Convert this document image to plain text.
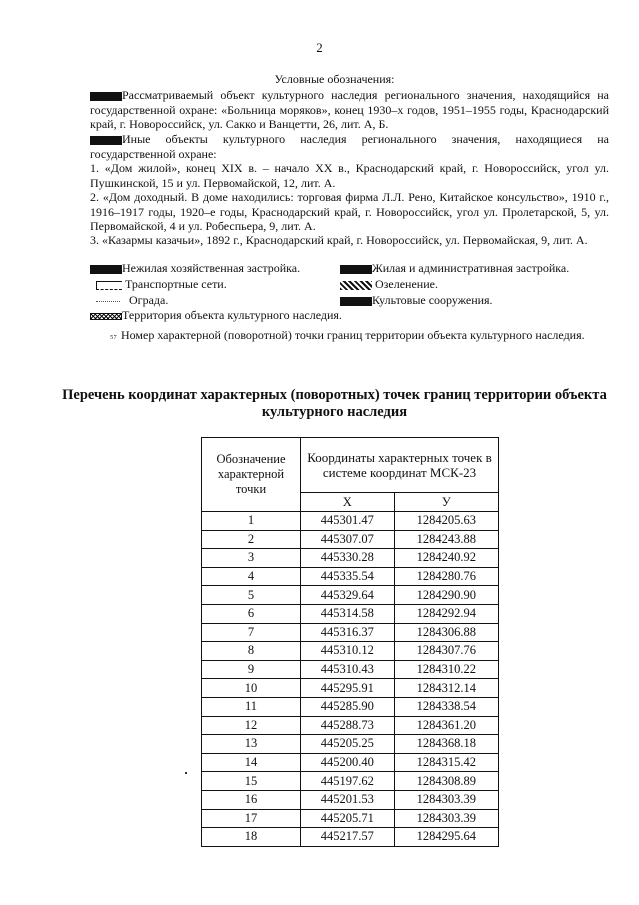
2
Условные обозначения:
Рассматриваемый объект культурного наследия регионального значения, находящийся на государственной охране: «Больница моряков», конец 1930–х годов, 1951–1955 годы, Краснодарский край, г. Новороссийск, ул. Сакко и Ванцетти, 26, лит. А, Б.
Иные объекты культурного наследия регионального значения, находящиеся на государственной охране:
1. «Дом жилой», конец XIX в. – начало XX в., Краснодарский край, г. Новороссийск, угол ул. Пушкинской, 15 и ул. Первомайской, 12, лит. А.
2. «Дом доходный. В доме находились: торговая фирма Л.Л. Рено, Китайское консульство», 1910 г., 1916–1917 годы, 1920–е годы, Краснодарский край, г. Новороссийск, угол ул. Пролетарской, 5, ул. Первомайской, 4 и ул. Робеспьера, 9, лит. А.
3. «Казармы казачьи», 1892 г., Краснодарский край, г. Новороссийск, ул. Первомайская, 9, лит. А.
Нежилая хозяйственная застройка.	Жилая и административная застройка.
Транспортные сети.	Озеленение.
Ограда.	Культовые сооружения.
Территория объекта культурного наследия.
₅₇ Номер характерной (поворотной) точки границ территории объекта культурного наследия.
Перечень координат характерных (поворотных) точек границ территории объекта культурного наследия
Обозначение характерной точки	Координаты характерных точек в системе координат МСК-23	
	X	У
1	445301.47	1284205.63
2	445307.07	1284243.88
3	445330.28	1284240.92
4	445335.54	1284280.76
5	445329.64	1284290.90
6	445314.58	1284292.94
7	445316.37	1284306.88
8	445310.12	1284307.76
9	445310.43	1284310.22
10	445295.91	1284312.14
11	445285.90	1284338.54
12	445288.73	1284361.20
13	445205.25	1284368.18
14	445200.40	1284315.42
15	445197.62	1284308.89
16	445201.53	1284303.39
17	445205.71	1284303.39
18	445217.57	1284295.64
